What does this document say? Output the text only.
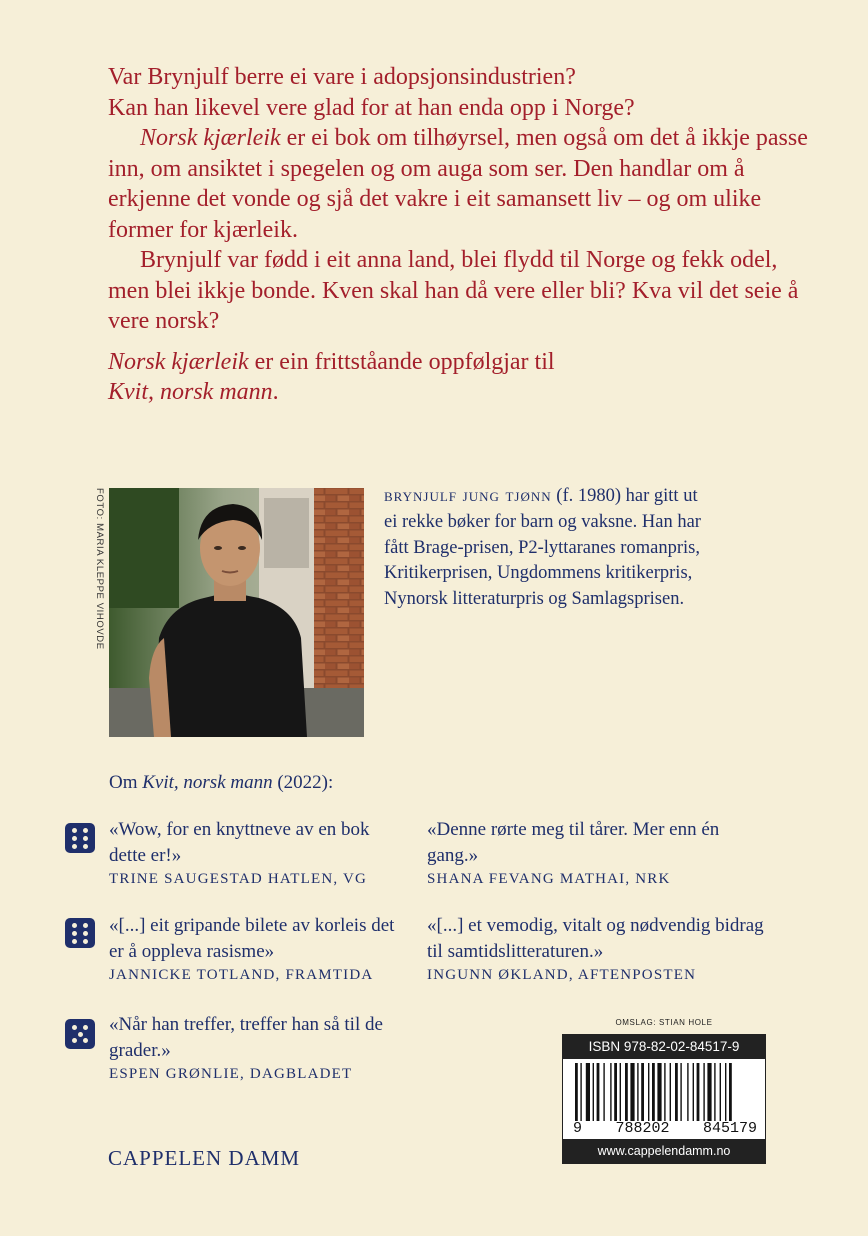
Var Brynjulf berre ei vare i adopsjonsindustrien?

Kan han likevel vere glad for at han enda opp i Norge?

Norsk kjærleik er ei bok om tilhøyrsel, men også om det å ikkje passe inn, om ansiktet i spegelen og om auga som ser. Den handlar om å erkjenne det vonde og sjå det vakre i eit samansett liv – og om ulike former for kjærleik.

Brynjulf var fødd i eit anna land, blei flydd til Norge og fekk odel, men blei ikkje bonde. Kven skal han då vere eller bli? Kva vil det seie å vere norsk?

Norsk kjærleik er ein frittståande oppfølgjar til
Kvit, norsk mann.

FOTO: MARIA KLEPPE VIHOVDE	brynjulf jung tjønn (f. 1980) har gitt ut ei rekke bøker for barn og vaksne. Han har fått Brage-prisen, P2-lyttaranes romanpris, Kritikerprisen, Ungdommens kritikerpris, Nynorsk litteraturpris og Samlagsprisen.
Om Kvit, norsk mann (2022):
«Wow, for en knyttneve av en bok dette er!»
TRINE SAUGESTAD HATLEN, VG
«Denne rørte meg til tårer. Mer enn én gang.»
SHANA FEVANG MATHAI, NRK
«[...] eit gripande bilete av korleis det er å oppleva rasisme»
JANNICKE TOTLAND, FRAMTIDA
«[...] et vemodig, vitalt og nødvendig bidrag til samtidslitteraturen.»
INGUNN ØKLAND, AFTENPOSTEN
«Når han treffer, treffer han så til de grader.»
ESPEN GRØNLIE, DAGBLADET
CAPPELEN DAMM
OMSLAG: STIAN HOLE
ISBN 978-82-02-84517-9
9 788202 845179
www.cappelendamm.no
